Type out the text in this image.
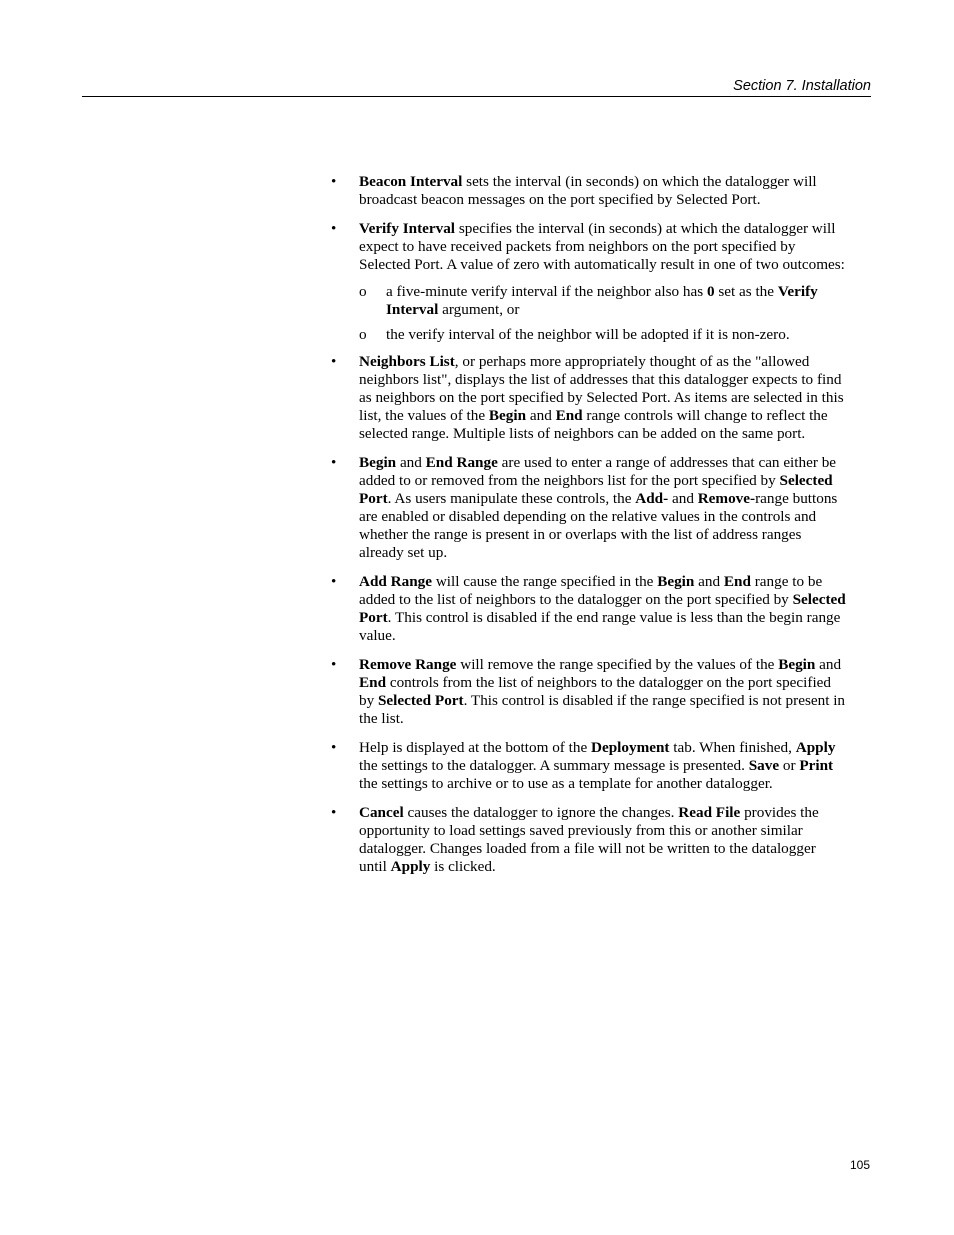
Section 7. Installation
• Beacon Interval sets the interval (in seconds) on which the datalogger will broadcast beacon messages on the port specified by Selected Port.
• Verify Interval specifies the interval (in seconds) at which the datalogger will expect to have received packets from neighbors on the port specified by Selected Port. A value of zero with automatically result in one of two outcomes:
o a five-minute verify interval if the neighbor also has 0 set as the Verify Interval argument, or
o the verify interval of the neighbor will be adopted if it is non-zero.
• Neighbors List, or perhaps more appropriately thought of as the "allowed neighbors list", displays the list of addresses that this datalogger expects to find as neighbors on the port specified by Selected Port. As items are selected in this list, the values of the Begin and End range controls will change to reflect the selected range. Multiple lists of neighbors can be added on the same port.
• Begin and End Range are used to enter a range of addresses that can either be added to or removed from the neighbors list for the port specified by Selected Port. As users manipulate these controls, the Add- and Remove-range buttons are enabled or disabled depending on the relative values in the controls and whether the range is present in or overlaps with the list of address ranges already set up.
• Add Range will cause the range specified in the Begin and End range to be added to the list of neighbors to the datalogger on the port specified by Selected Port. This control is disabled if the end range value is less than the begin range value.
• Remove Range will remove the range specified by the values of the Begin and End controls from the list of neighbors to the datalogger on the port specified by Selected Port. This control is disabled if the range specified is not present in the list.
• Help is displayed at the bottom of the Deployment tab. When finished, Apply the settings to the datalogger. A summary message is presented. Save or Print the settings to archive or to use as a template for another datalogger.
• Cancel causes the datalogger to ignore the changes. Read File provides the opportunity to load settings saved previously from this or another similar datalogger. Changes loaded from a file will not be written to the datalogger until Apply is clicked.
105
